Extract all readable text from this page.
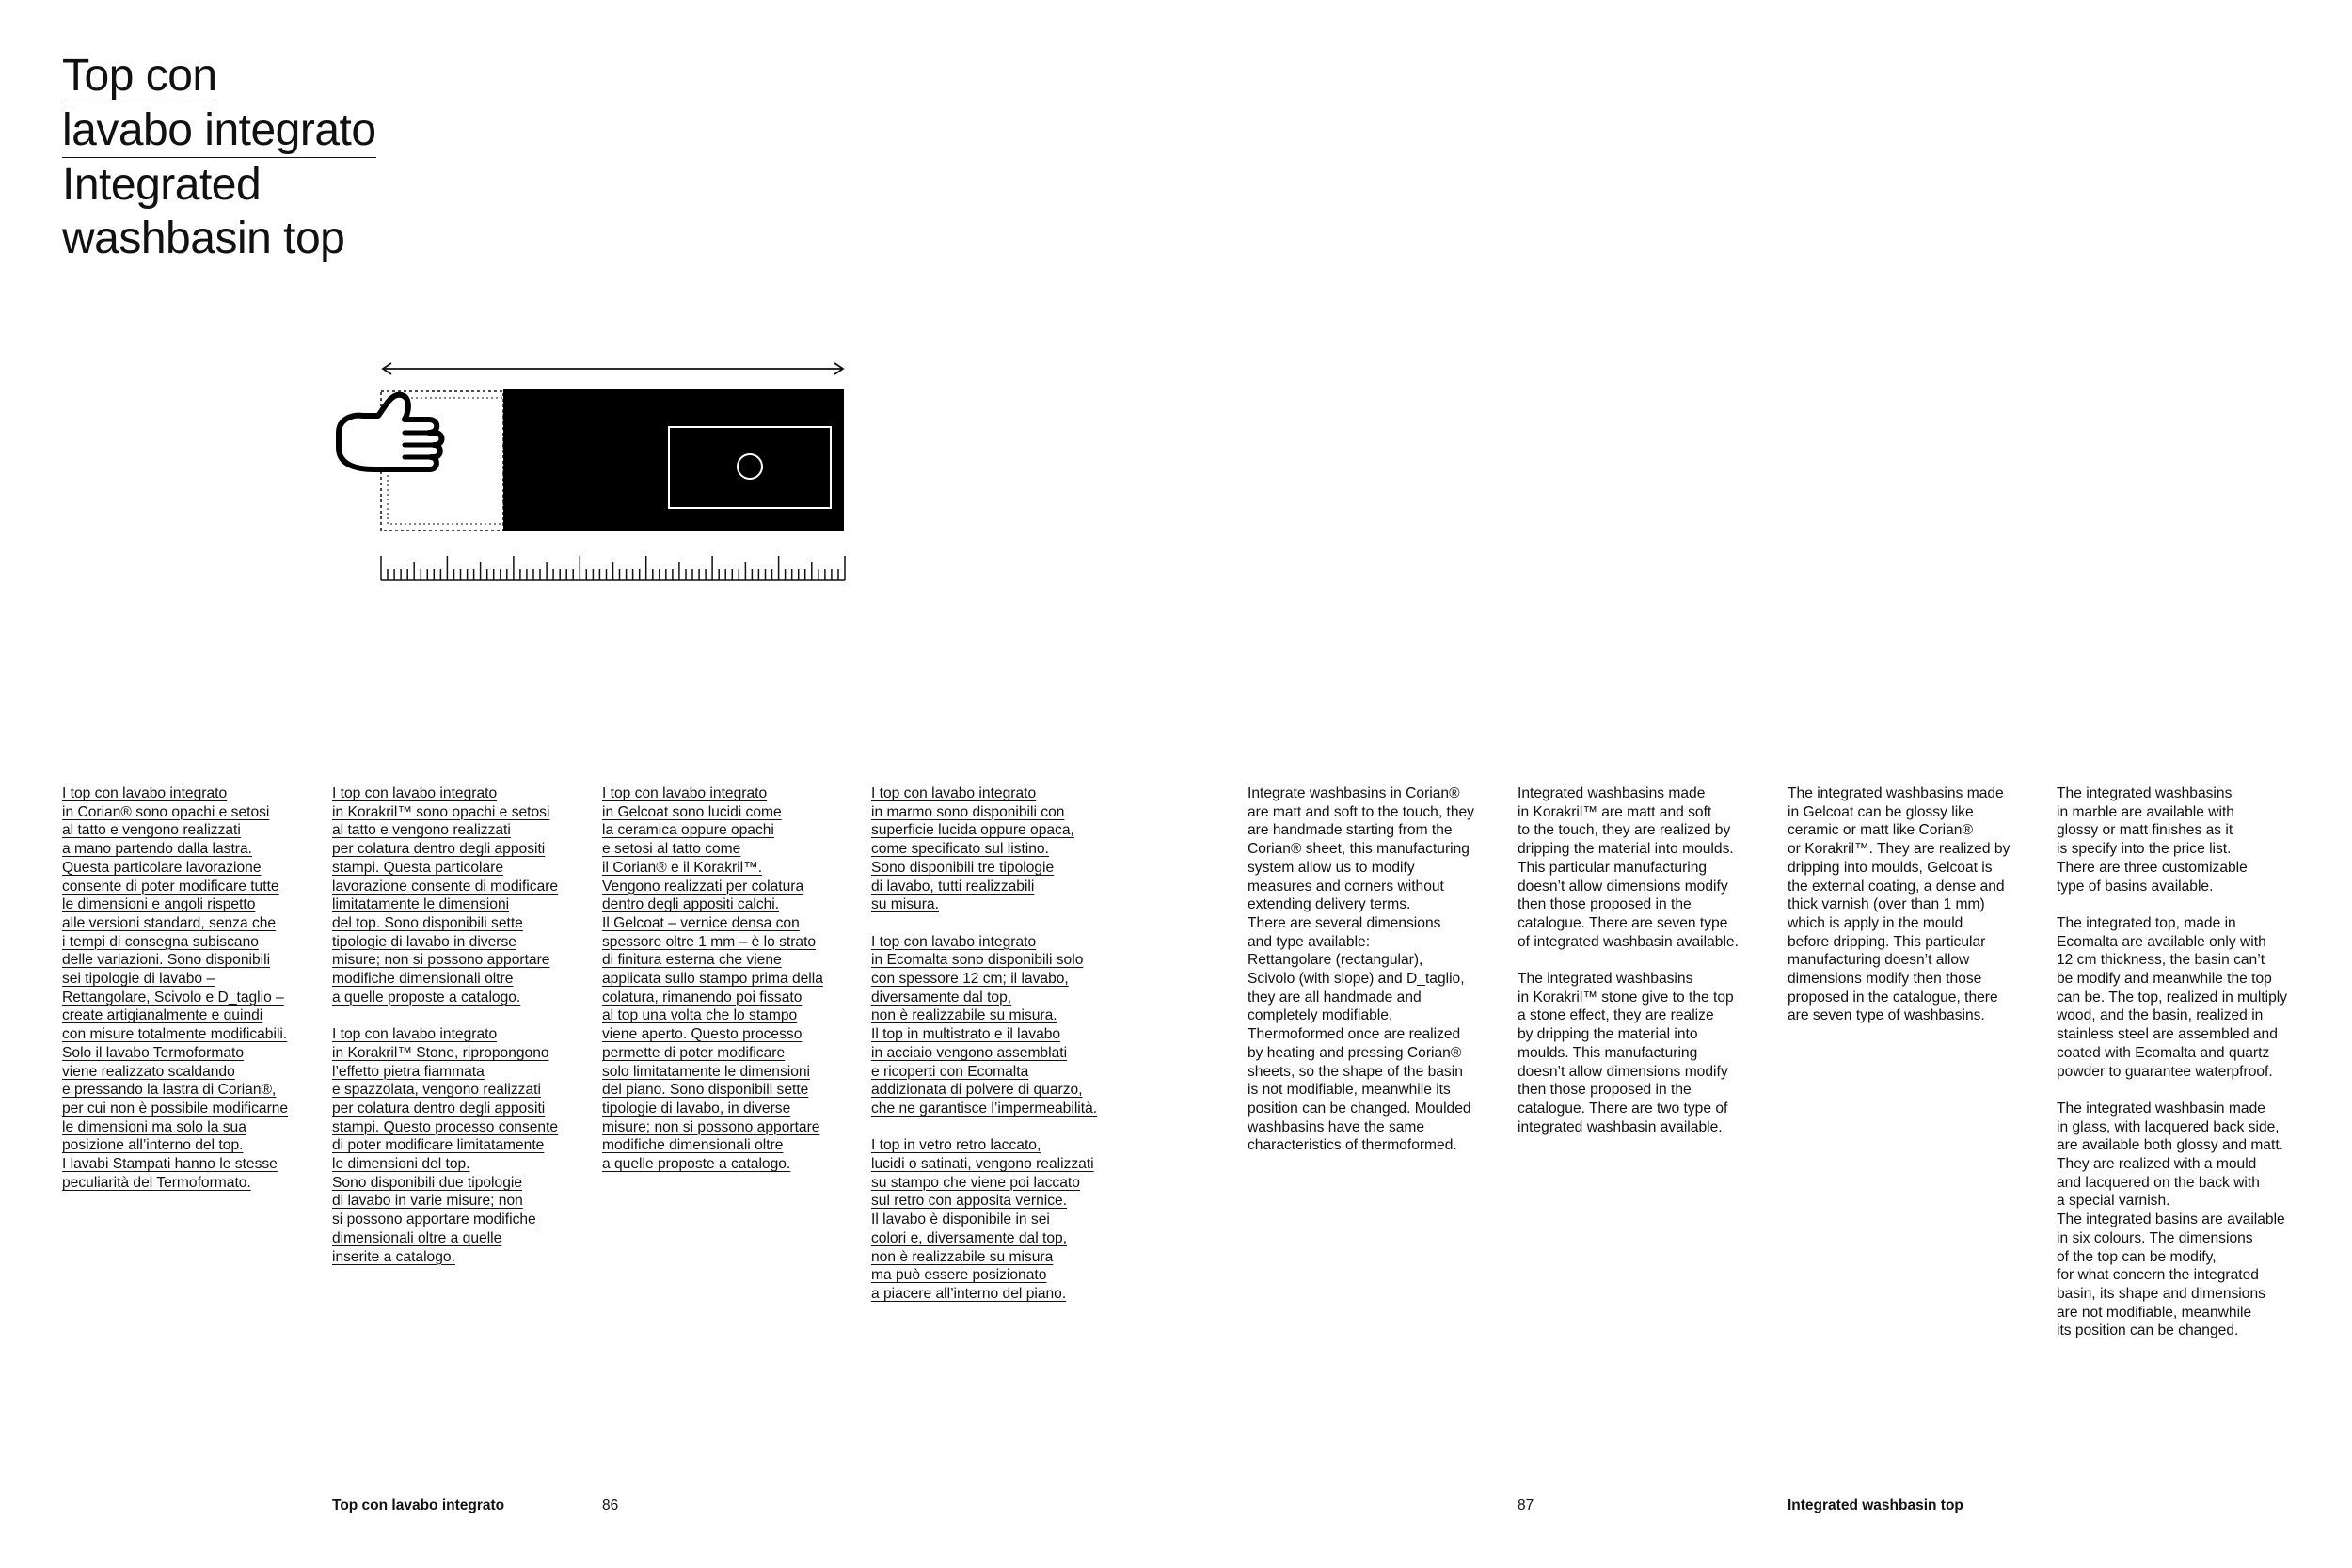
Top con
lavabo integrato
Integrated
washbasin top

I top con lavabo integrato
in Corian® sono opachi e setosi
al tatto e vengono realizzati
a mano partendo dalla lastra.
Questa particolare lavorazione
consente di poter modificare tutte
le dimensioni e angoli rispetto
alle versioni standard, senza che
i tempi di consegna subiscano
delle variazioni. Sono disponibili
sei tipologie di lavabo –
Rettangolare, Scivolo e D_taglio –
create artigianalmente e quindi
con misure totalmente modificabili.
Solo il lavabo Termoformato
viene realizzato scaldando
e pressando la lastra di Corian®,
per cui non è possibile modificarne
le dimensioni ma solo la sua
posizione all’interno del top.
I lavabi Stampati hanno le stesse
peculiarità del Termoformato.

I top con lavabo integrato
in Korakril™ sono opachi e setosi
al tatto e vengono realizzati
per colatura dentro degli appositi
stampi. Questa particolare
lavorazione consente di modificare
limitatamente le dimensioni
del top. Sono disponibili sette
tipologie di lavabo in diverse
misure; non si possono apportare
modifiche dimensionali oltre
a quelle proposte a catalogo.

I top con lavabo integrato
in Korakril™ Stone, ripropongono
l’effetto pietra fiammata
e spazzolata, vengono realizzati
per colatura dentro degli appositi
stampi. Questo processo consente
di poter modificare limitatamente
le dimensioni del top.
Sono disponibili due tipologie
di lavabo in varie misure; non
si possono apportare modifiche
dimensionali oltre a quelle
inserite a catalogo.

I top con lavabo integrato
in Gelcoat sono lucidi come
la ceramica oppure opachi
e setosi al tatto come
il Corian® e il Korakril™.
Vengono realizzati per colatura
dentro degli appositi calchi.
Il Gelcoat – vernice densa con
spessore oltre 1 mm – è lo strato
di finitura esterna che viene
applicata sullo stampo prima della
colatura, rimanendo poi fissato
al top una volta che lo stampo
viene aperto. Questo processo
permette di poter modificare
solo limitatamente le dimensioni
del piano. Sono disponibili sette
tipologie di lavabo, in diverse
misure; non si possono apportare
modifiche dimensionali oltre
a quelle proposte a catalogo.

I top con lavabo integrato
in marmo sono disponibili con
superficie lucida oppure opaca,
come specificato sul listino.
Sono disponibili tre tipologie
di lavabo, tutti realizzabili
su misura.

I top con lavabo integrato
in Ecomalta sono disponibili solo
con spessore 12 cm; il lavabo,
diversamente dal top,
non è realizzabile su misura.
Il top in multistrato e il lavabo
in acciaio vengono assemblati
e ricoperti con Ecomalta
addizionata di polvere di quarzo,
che ne garantisce l’impermeabilità.

I top in vetro retro laccato,
lucidi o satinati, vengono realizzati
su stampo che viene poi laccato
sul retro con apposita vernice.
Il lavabo è disponibile in sei
colori e, diversamente dal top,
non è realizzabile su misura
ma può essere posizionato
a piacere all’interno del piano.

Integrate washbasins in Corian®
are matt and soft to the touch, they
are handmade starting from the
Corian® sheet, this manufacturing
system allow us to modify
measures and corners without
extending delivery terms.
There are several dimensions
and type available:
Rettangolare (rectangular),
Scivolo (with slope) and D_taglio,
they are all handmade and
completely modifiable.
Thermoformed once are realized
by heating and pressing Corian®
sheets, so the shape of the basin
is not modifiable, meanwhile its
position can be changed. Moulded
washbasins have the same
characteristics of thermoformed.

Integrated washbasins made
in Korakril™ are matt and soft
to the touch, they are realized by
dripping the material into moulds.
This particular manufacturing
doesn’t allow dimensions modify
then those proposed in the
catalogue. There are seven type
of integrated washbasin available.

The integrated washbasins
in Korakril™ stone give to the top
a stone effect, they are realize
by dripping the material into
moulds. This manufacturing
doesn’t allow dimensions modify
then those proposed in the
catalogue. There are two type of
integrated washbasin available.

The integrated washbasins made
in Gelcoat can be glossy like
ceramic or matt like Corian®
or Korakril™. They are realized by
dripping into moulds, Gelcoat is
the external coating, a dense and
thick varnish (over than 1 mm)
which is apply in the mould
before dripping. This particular
manufacturing doesn’t allow
dimensions modify then those
proposed in the catalogue, there
are seven type of washbasins.

The integrated washbasins
in marble are available with
glossy or matt finishes as it
is specify into the price list.
There are three customizable
type of basins available.

The integrated top, made in
Ecomalta are available only with
12 cm thickness, the basin can’t
be modify and meanwhile the top
can be. The top, realized in multiply
wood, and the basin, realized in
stainless steel are assembled and
coated with Ecomalta and quartz
powder to guarantee waterpfroof.

The integrated washbasin made
in glass, with lacquered back side,
are available both glossy and matt.
They are realized with a mould
and lacquered on the back with
a special varnish.
The integrated basins are available
in six colours. The dimensions
of the top can be modify,
for what concern the integrated
basin, its shape and dimensions
are not modifiable, meanwhile
its position can be changed.

Top con lavabo integrato	86	87	Integrated washbasin top
